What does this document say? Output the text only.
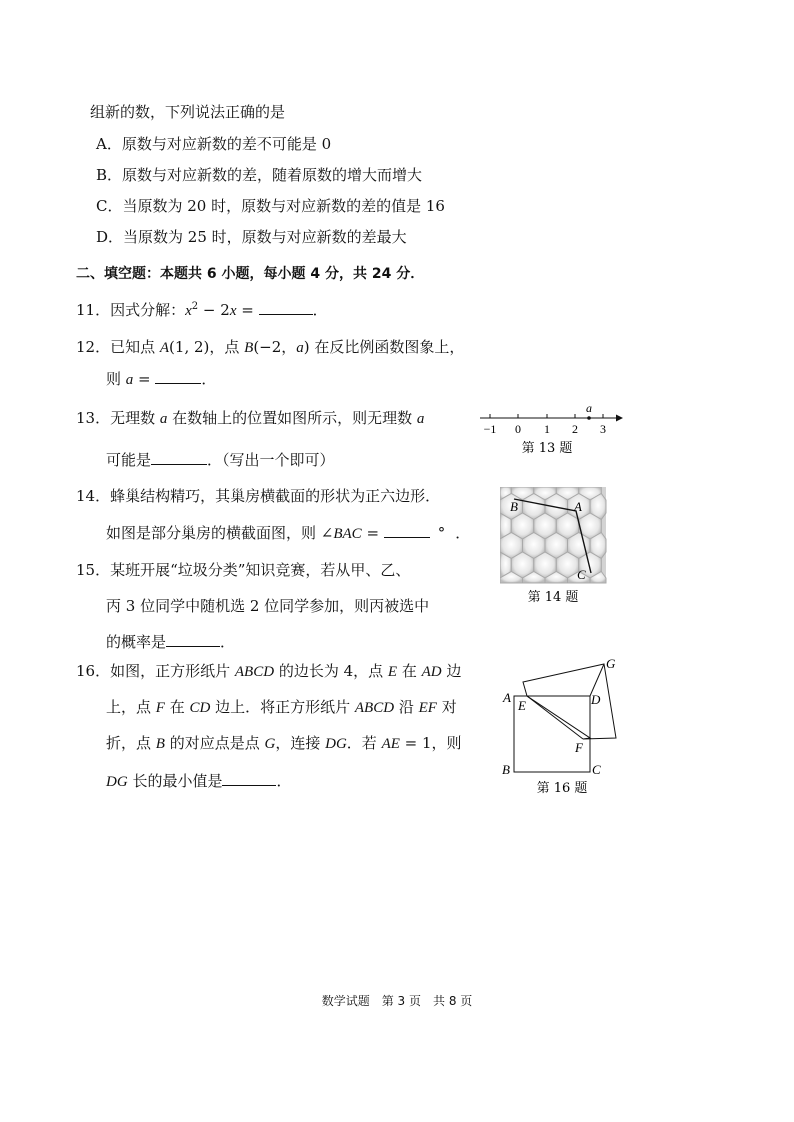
组新的数，下列说法正确的是
A．原数与对应新数的差不可能是 0
B．原数与对应新数的差，随着原数的增大而增大
C．当原数为 20 时，原数与对应新数的差的值是 16
D．当原数为 25 时，原数与对应新数的差最大
二、填空题：本题共 6 小题，每小题 4 分，共 24 分．
11．因式分解：$x^2 - 2x$ =	．
12．已知点 A(1, 2)，点 B(−2，a) 在反比例函数图象上，
则 a =	．
13．无理数 a 在数轴上的位置如图所示，则无理数 a
可能是	．（写出一个即可）
−1 0 1 2 3
a
第 13 题
14．蜂巢结构精巧，其巢房横截面的形状为正六边形．
如图是部分巢房的横截面图，则 ∠BAC =	° ．
B	A
C
第 14 题
15．某班开展“垃圾分类”知识竞赛，若从甲、乙、
丙 3 位同学中随机选 2 位同学参加，则丙被选中
的概率是	．
16．如图，正方形纸片 ABCD 的边长为 4，点 E 在 AD 边
上，点 F 在 CD 边上．将正方形纸片 ABCD 沿 EF 对
折，点 B 的对应点是点 G，连接 DG．若 AE = 1，则
DG 长的最小值是	．
A
E	D
F
G
B	C
第 16 题
数学试题　第 3 页　共 8 页
